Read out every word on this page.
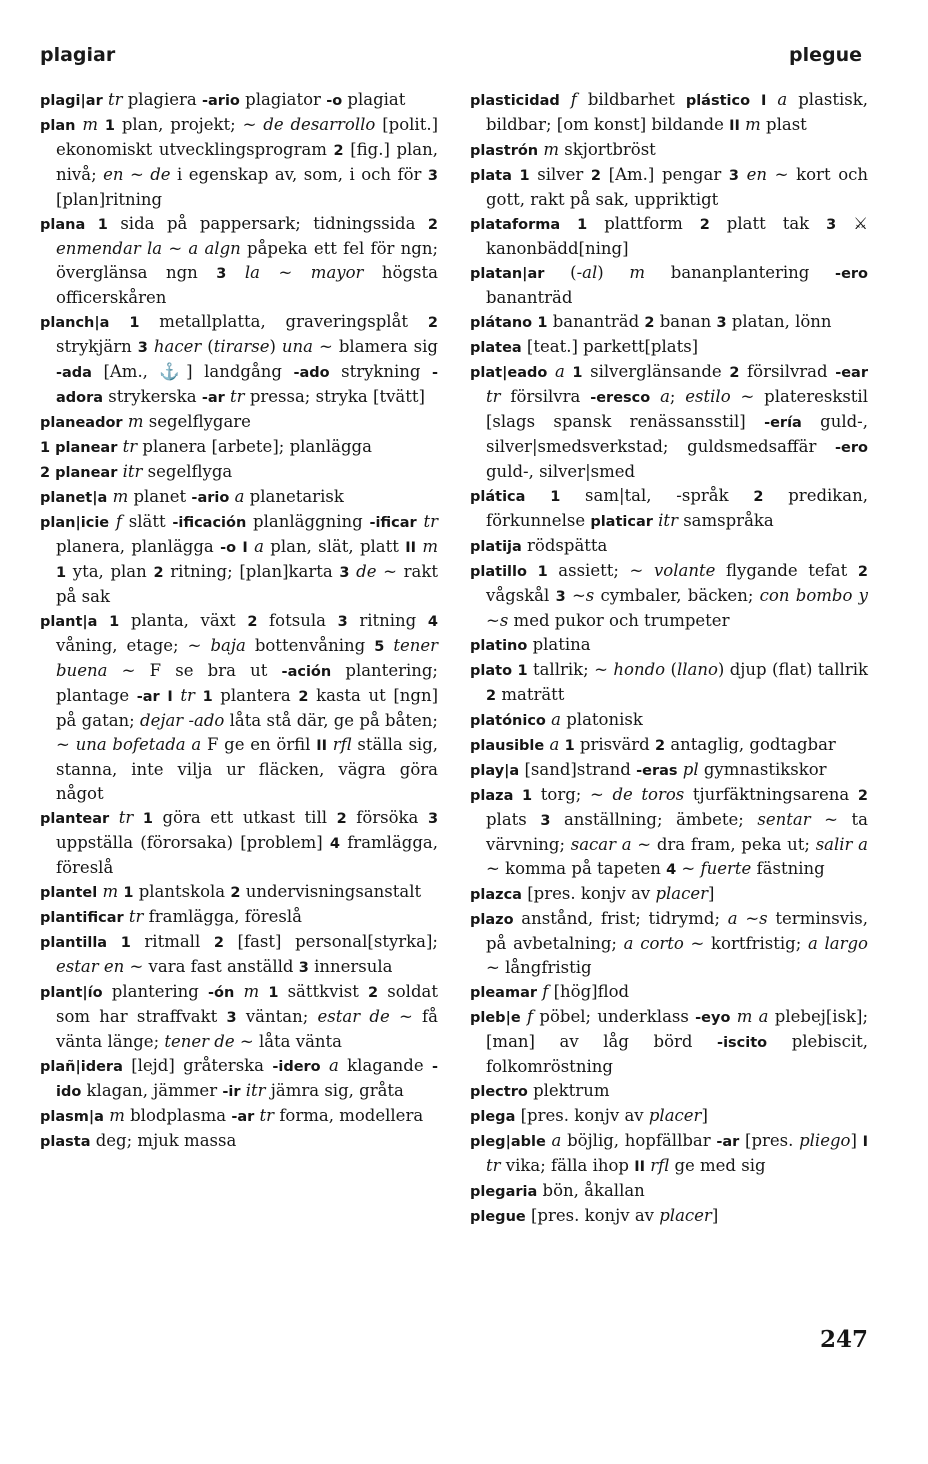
plagiar	plegue

plagi|ar tr plagiera -ario plagiator -o plagiat

plan m 1 plan, projekt; ~ de desarrollo [polit.] ekonomiskt utvecklingsprogram 2 [fig.] plan, nivå; en ~ de i egenskap av, som, i och för 3 [plan]ritning

plana 1 sida på pappersark; tidningssida 2 enmendar la ~ a algn påpeka ett fel för ngn; överglänsa ngn 3 la ~ mayor högsta officerskåren

planch|a 1 metallplatta, graveringsplåt 2 strykjärn 3 hacer (tirarse) una ~ blamera sig -ada [Am., ⚓] landgång -ado strykning -adora strykerska -ar tr pressa; stryka [tvätt]

planeador m segelflygare

1 planear tr planera [arbete]; planlägga

2 planear itr segelflyga

planet|a m planet -ario a planetarisk

plan|icie f slätt -ificación planläggning -ificar tr planera, planlägga -o I a plan, slät, platt II m 1 yta, plan 2 ritning; [plan]karta 3 de ~ rakt på sak

plant|a 1 planta, växt 2 fotsula 3 ritning 4 våning, etage; ~ baja bottenvåning 5 tener buena ~ F se bra ut -ación plantering; plantage -ar I tr 1 plantera 2 kasta ut [ngn] på gatan; dejar -ado låta stå där, ge på båten; ~ una bofetada a F ge en örfil II rfl ställa sig, stanna, inte vilja ur fläcken, vägra göra något

plantear tr 1 göra ett utkast till 2 försöka 3 uppställa (förorsaka) [problem] 4 framlägga, föreslå

plantel m 1 plantskola 2 undervisningsanstalt

plantificar tr framlägga, föreslå

plantilla 1 ritmall 2 [fast] personal[styrka]; estar en ~ vara fast anställd 3 innersula

plant|ío plantering -ón m 1 sättkvist 2 soldat som har straffvakt 3 väntan; estar de ~ få vänta länge; tener de ~ låta vänta

plañ|idera [lejd] gråterska -idero a klagande -ido klagan, jämmer -ir itr jämra sig, gråta

plasm|a m blodplasma -ar tr forma, modellera

plasta deg; mjuk massa

plasticidad f bildbarhet plástico I a plastisk, bildbar; [om konst] bildande II m plast

plastrón m skjortbröst

plata 1 silver 2 [Am.] pengar 3 en ~ kort och gott, rakt på sak, uppriktigt

plataforma 1 plattform 2 platt tak 3 ⚔ kanonbädd[ning]

platan|ar (-al) m bananplantering -ero bananträd

plátano 1 bananträd 2 banan 3 platan, lönn

platea [teat.] parkett[plats]

plat|eado a 1 silverglänsande 2 försilvrad -ear tr försilvra -eresco a; estilo ~ platereskstil [slags spansk renässansstil] -ería guld-, silver|smedsverkstad; guldsmedsaffär -ero guld-, silver|smed

plática 1 sam|tal, -språk 2 predikan, förkunnelse platicar itr samspråka

platija rödspätta

platillo 1 assiett; ~ volante flygande tefat 2 vågskål 3 ~s cymbaler, bäcken; con bombo y ~s med pukor och trumpeter

platino platina

plato 1 tallrik; ~ hondo (llano) djup (flat) tallrik 2 maträtt

platónico a platonisk

plausible a 1 prisvärd 2 antaglig, godtagbar

play|a [sand]strand -eras pl gymnastikskor

plaza 1 torg; ~ de toros tjurfäktningsarena 2 plats 3 anställning; ämbete; sentar ~ ta värvning; sacar a ~ dra fram, peka ut; salir a ~ komma på tapeten 4 ~ fuerte fästning

plazca [pres. konjv av placer]

plazo anstånd, frist; tidrymd; a ~s terminsvis, på avbetalning; a corto ~ kortfristig; a largo ~ långfristig

pleamar f [hög]flod

pleb|e f pöbel; underklass -eyo m a plebej[isk]; [man] av låg börd -iscito plebiscit, folkomröstning

plectro plektrum

plega [pres. konjv av placer]

pleg|able a böjlig, hopfällbar -ar [pres. pliego] I tr vika; fälla ihop II rfl ge med sig

plegaria bön, åkallan

plegue [pres. konjv av placer]

247
